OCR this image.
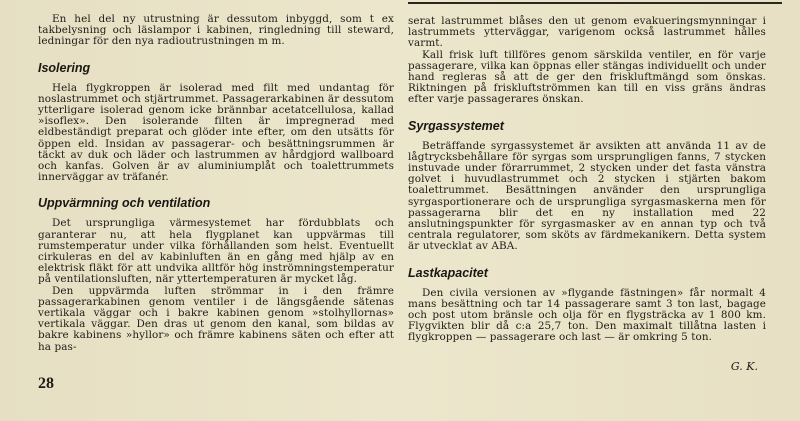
En hel del ny utrustning är dessutom inbyggd, som t ex takbelysning och läslampor i kabinen, ringledning till steward, ledningar för den nya radioutrustningen m m.

Isolering

Hela flygkroppen är isolerad med filt med undantag för noslastrummet och stjärtrummet. Passagerarkabinen är dessutom ytterligare isolerad genom icke brännbar acetatcellulosa, kallad »isoflex». Den isolerande filten är impregnerad med eldbeständigt preparat och glöder inte efter, om den utsätts för öppen eld. Insidan av passagerar- och besättningsrummen är täckt av duk och läder och lastrummen av hårdgjord wallboard och kanfas. Golven är av aluminiumplåt och toalettrummets innerväggar av träfanér.

Uppvärmning och ventilation

Det ursprungliga värmesystemet har fördubblats och garanterar nu, att hela flygplanet kan uppvärmas till rumstemperatur under vilka förhållanden som helst. Eventuellt cirkuleras en del av kabinluften än en gång med hjälp av en elektrisk fläkt för att undvika alltför hög inströmningstemperatur på ventilationsluften, när yttertemperaturen är mycket låg.

Den uppvärmda luften strömmar in i den främre passagerarkabinen genom ventiler i de längsgående sätenas vertikala väggar och i bakre kabinen genom »stolhyllornas» vertikala väggar. Den dras ut genom den kanal, som bildas av bakre kabinens »hyllor» och främre kabinens säten och efter att ha pas-

serat lastrummet blåses den ut genom evakueringsmynningar i lastrummets ytterväggar, varigenom också lastrummet hålles varmt.

Kall frisk luft tillföres genom särskilda ventiler, en för varje passagerare, vilka kan öppnas eller stängas individuellt och under hand regleras så att de ger den friskluftmängd som önskas. Riktningen på friskluftströmmen kan till en viss gräns ändras efter varje passagerares önskan.

Syrgassystemet

Beträffande syrgassystemet är avsikten att använda 11 av de lågtrycksbehållare för syrgas som ursprungligen fanns, 7 stycken instuvade under förarrummet, 2 stycken under det fasta vänstra golvet i huvudlastrummet och 2 stycken i stjärten bakom toalettrummet. Besättningen använder den ursprungliga syrgasportionerare och de ursprungliga syrgasmaskerna men för passagerarna blir det en ny installation med 22 anslutningspunkter för syrgasmasker av en annan typ och två centrala regulatorer, som sköts av färdmekanikern. Detta system är utvecklat av ABA.

Lastkapacitet

Den civila versionen av »flygande fästningen» får normalt 4 mans besättning och tar 14 passagerare samt 3 ton last, bagage och post utom bränsle och olja för en flygsträcka av 1 800 km. Flygvikten blir då c:a 25,7 ton. Den maximalt tillåtna lasten i flygkroppen — passagerare och last — är omkring 5 ton.

G. K.
28
